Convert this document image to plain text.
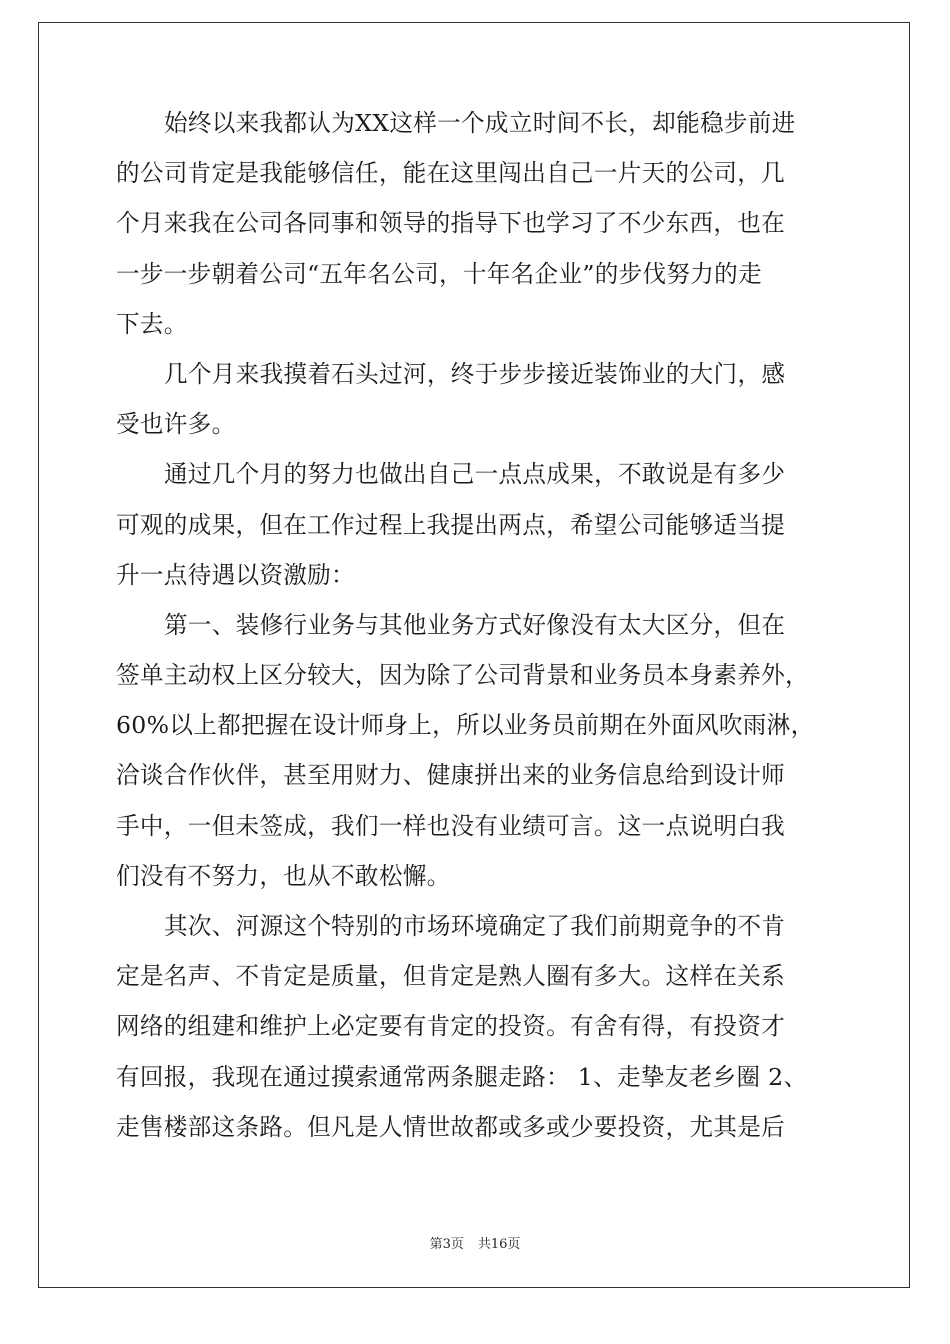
始终以来我都认为XX这样一个成立时间不长，却能稳步前进
的公司肯定是我能够信任，能在这里闯出自己一片天的公司，几
个月来我在公司各同事和领导的指导下也学习了不少东西，也在
一步一步朝着公司“五年名公司，十年名企业”的步伐努力的走
下去。
几个月来我摸着石头过河，终于步步接近装饰业的大门，感
受也许多。
通过几个月的努力也做出自己一点点成果，不敢说是有多少
可观的成果，但在工作过程上我提出两点，希望公司能够适当提
升一点待遇以资激励：
第一、装修行业务与其他业务方式好像没有太大区分，但在
签单主动权上区分较大，因为除了公司背景和业务员本身素养外，
60%以上都把握在设计师身上，所以业务员前期在外面风吹雨淋，
洽谈合作伙伴，甚至用财力、健康拼出来的业务信息给到设计师
手中，一但未签成，我们一样也没有业绩可言。这一点说明白我
们没有不努力，也从不敢松懈。
其次、河源这个特别的市场环境确定了我们前期竟争的不肯
定是名声、不肯定是质量，但肯定是熟人圈有多大。这样在关系
网络的组建和维护上必定要有肯定的投资。有舍有得，有投资才
有回报，我现在通过摸索通常两条腿走路： 1、走挚友老乡圈 2、
走售楼部这条路。但凡是人情世故都或多或少要投资，尤其是后
第3页 共16页
